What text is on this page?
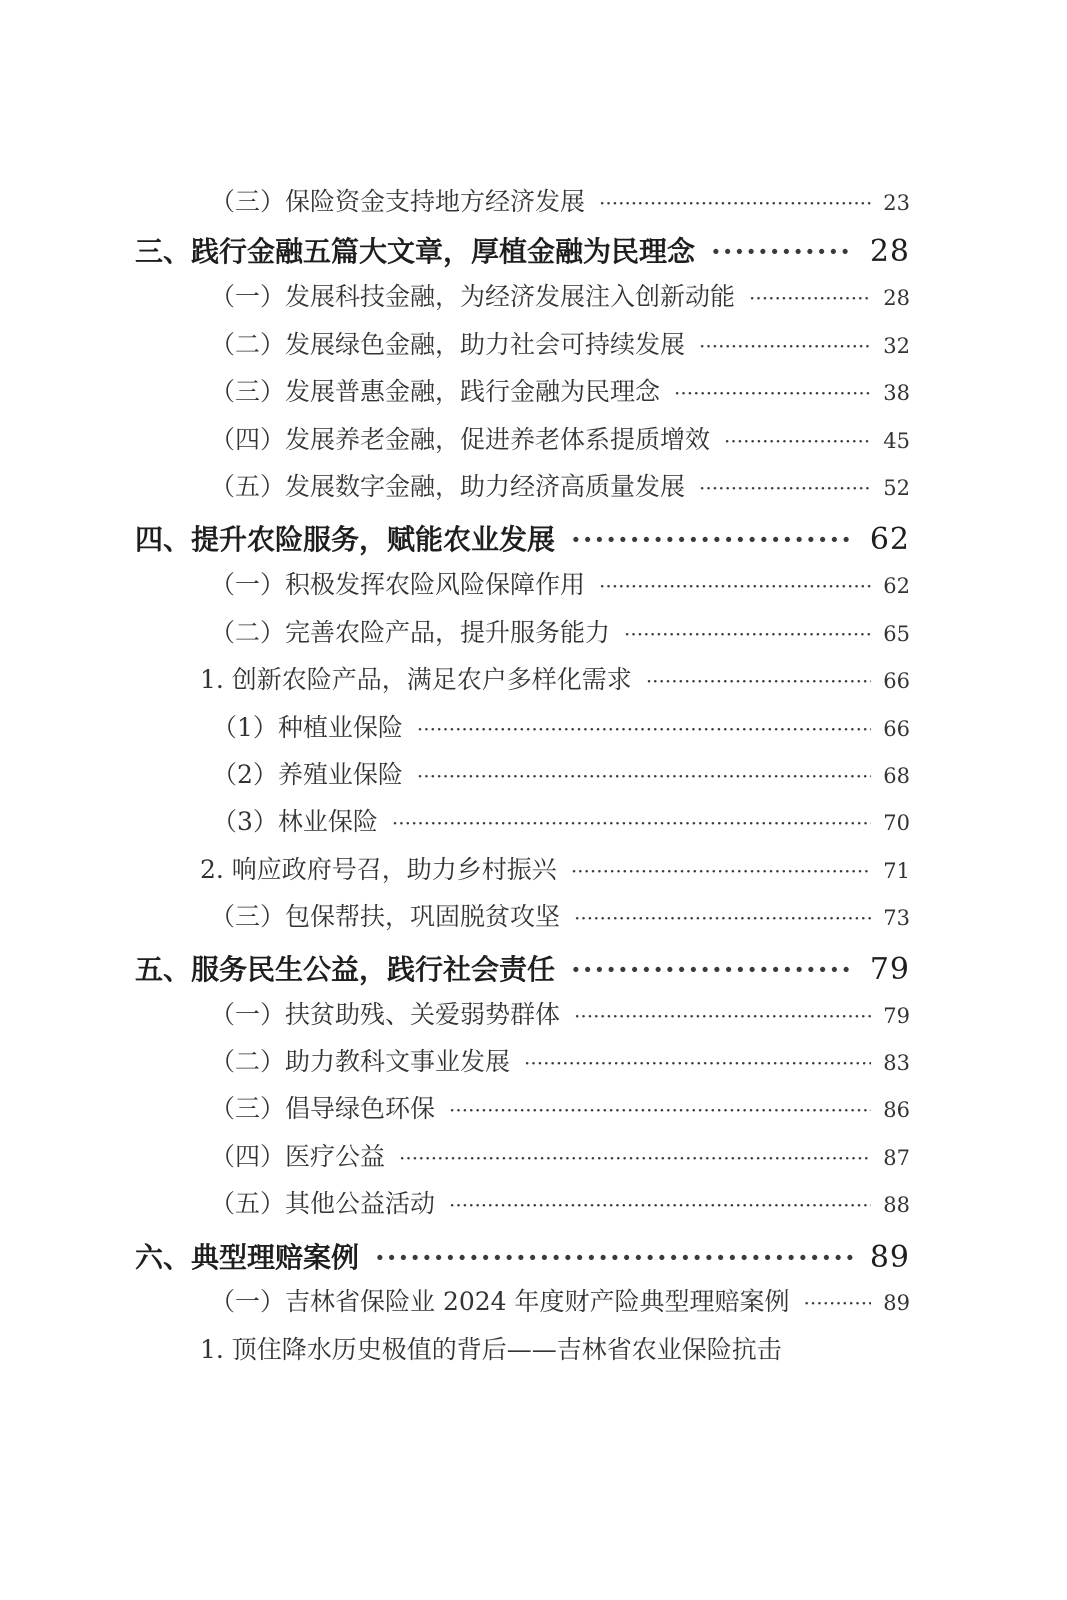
（三）保险资金支持地方经济发展 ·····	23
三、践行金融五篇大文章，厚植金融为民理念 ·····	28
（一）发展科技金融，为经济发展注入创新动能 ·····	28
（二）发展绿色金融，助力社会可持续发展 ·····	32
（三）发展普惠金融，践行金融为民理念 ·····	38
（四）发展养老金融，促进养老体系提质增效 ·····	45
（五）发展数字金融，助力经济高质量发展 ·····	52
四、提升农险服务，赋能农业发展 ·····	62
（一）积极发挥农险风险保障作用 ·····	62
（二）完善农险产品，提升服务能力 ·····	65
1. 创新农险产品，满足农户多样化需求 ·····	66
（1）种植业保险 ·····	66
（2）养殖业保险 ·····	68
（3）林业保险 ·····	70
2. 响应政府号召，助力乡村振兴 ·····	71
（三）包保帮扶，巩固脱贫攻坚 ·····	73
五、服务民生公益，践行社会责任 ·····	79
（一）扶贫助残、关爱弱势群体 ·····	79
（二）助力教科文事业发展 ·····	83
（三）倡导绿色环保 ·····	86
（四）医疗公益 ·····	87
（五）其他公益活动 ·····	88
六、典型理赔案例 ·····	89
（一）吉林省保险业 2024 年度财产险典型理赔案例 ·····	89
1. 顶住降水历史极值的背后——吉林省农业保险抗击
